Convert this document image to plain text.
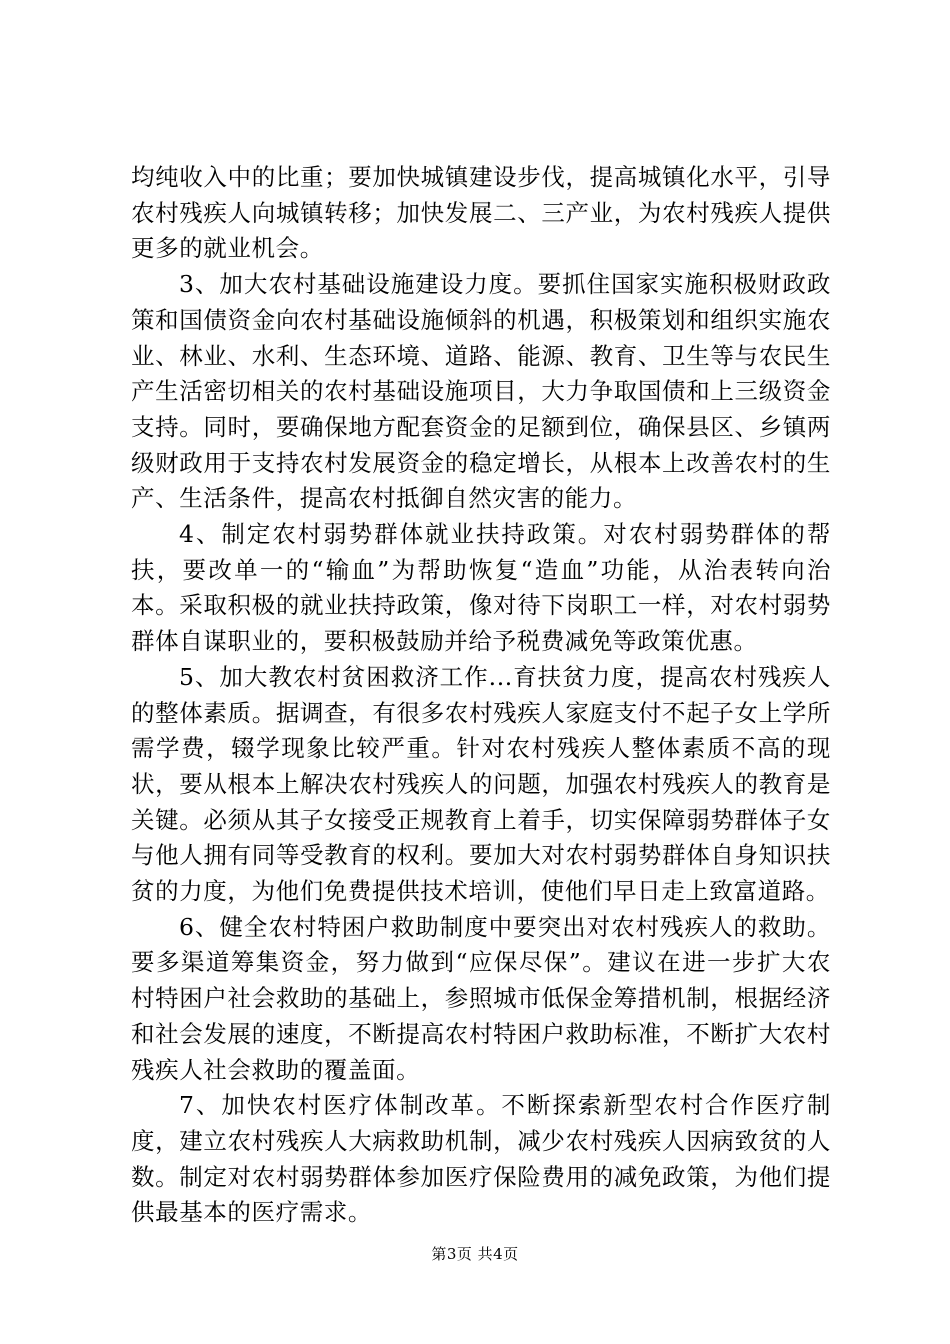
均纯收入中的比重；要加快城镇建设步伐，提高城镇化水平，引导农村残疾人向城镇转移；加快发展二、三产业，为农村残疾人提供更多的就业机会。

3、加大农村基础设施建设力度。要抓住国家实施积极财政政策和国债资金向农村基础设施倾斜的机遇，积极策划和组织实施农业、林业、水利、生态环境、道路、能源、教育、卫生等与农民生产生活密切相关的农村基础设施项目，大力争取国债和上三级资金支持。同时，要确保地方配套资金的足额到位，确保县区、乡镇两级财政用于支持农村发展资金的稳定增长，从根本上改善农村的生产、生活条件，提高农村抵御自然灾害的能力。

4、制定农村弱势群体就业扶持政策。对农村弱势群体的帮扶，要改单一的“输血”为帮助恢复“造血”功能，从治表转向治本。采取积极的就业扶持政策，像对待下岗职工一样，对农村弱势群体自谋职业的，要积极鼓励并给予税费减免等政策优惠。

5、加大教农村贫困救济工作...育扶贫力度，提高农村残疾人的整体素质。据调查，有很多农村残疾人家庭支付不起子女上学所需学费，辍学现象比较严重。针对农村残疾人整体素质不高的现状，要从根本上解决农村残疾人的问题，加强农村残疾人的教育是关键。必须从其子女接受正规教育上着手，切实保障弱势群体子女与他人拥有同等受教育的权利。要加大对农村弱势群体自身知识扶贫的力度，为他们免费提供技术培训，使他们早日走上致富道路。

6、健全农村特困户救助制度中要突出对农村残疾人的救助。要多渠道筹集资金，努力做到“应保尽保”。建议在进一步扩大农村特困户社会救助的基础上，参照城市低保金筹措机制，根据经济和社会发展的速度，不断提高农村特困户救助标准，不断扩大农村残疾人社会救助的覆盖面。

7、加快农村医疗体制改革。不断探索新型农村合作医疗制度，建立农村残疾人大病救助机制，减少农村残疾人因病致贫的人数。制定对农村弱势群体参加医疗保险费用的减免政策，为他们提供最基本的医疗需求。

第3页 共4页
